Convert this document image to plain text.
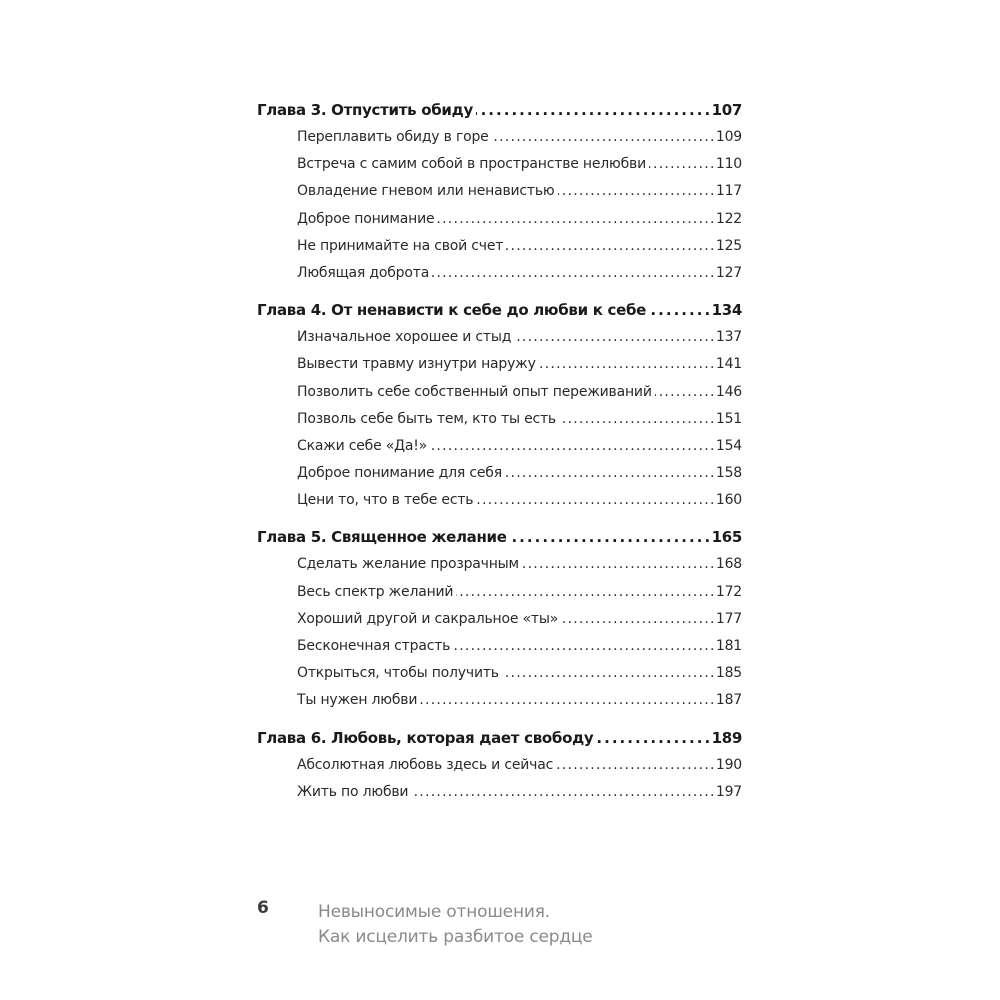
Глава 3. Отпустить обиду . . .	107
Переплавить обиду в горе . . .	109
Встреча с самим собой в пространстве нелюбви . . .	110
Овладение гневом или ненавистью . . .	117
Доброе понимание . . .	122
Не принимайте на свой счет . . .	125
Любящая доброта . . .	127
Глава 4. От ненависти к себе до любви к себе . . .	134
Изначальное хорошее и стыд . . .	137
Вывести травму изнутри наружу . . .	141
Позволить себе собственный опыт переживаний . . .	146
Позволь себе быть тем, кто ты есть . . .	151
Скажи себе «Да!» . . .	154
Доброе понимание для себя . . .	158
Цени то, что в тебе есть . . .	160
Глава 5. Священное желание . . .	165
Сделать желание прозрачным . . .	168
Весь спектр желаний . . .	172
Хороший другой и сакральное «ты» . . .	177
Бесконечная страсть . . .	181
Открыться, чтобы получить . . .	185
Ты нужен любви . . .	187
Глава 6. Любовь, которая дает свободу . . .	189
Абсолютная любовь здесь и сейчас . . .	190
Жить по любви . . .	197
6	Невыносимые отношения.
Как исцелить разбитое сердце
